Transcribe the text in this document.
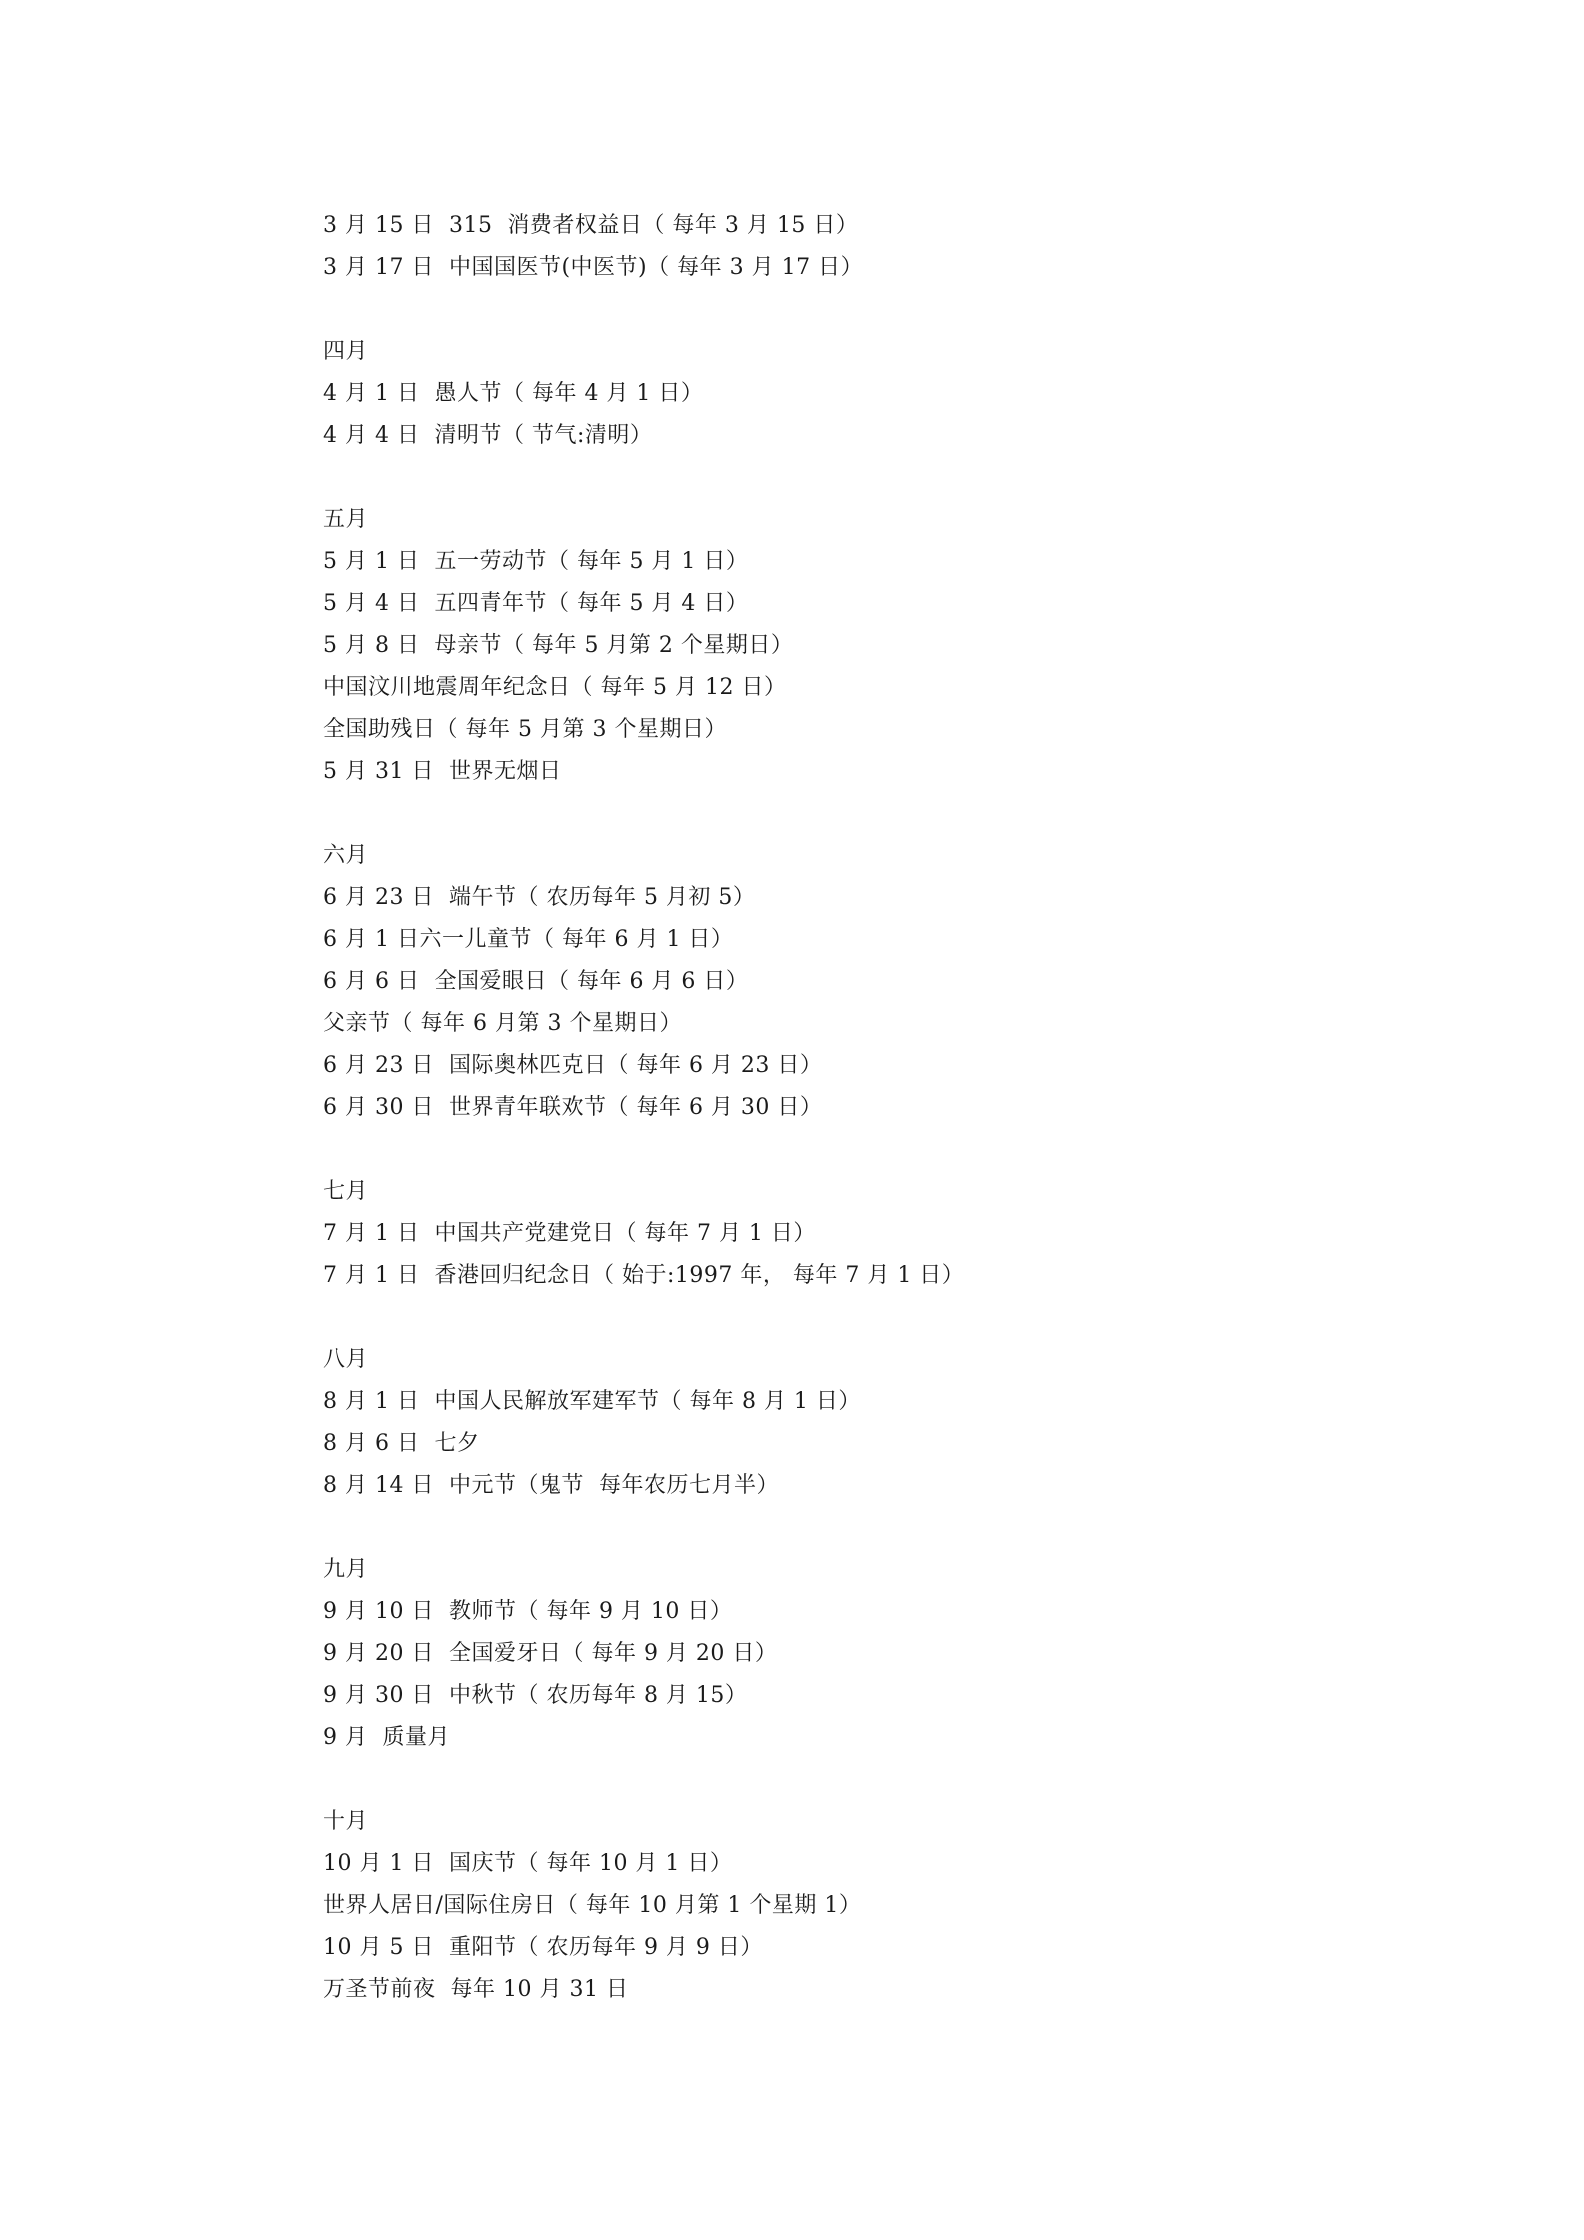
3 月 15 日  315  消费者权益日（ 每年 3 月 15 日）
3 月 17 日  中国国医节(中医节)（ 每年 3 月 17 日）
四月
4 月 1 日  愚人节（ 每年 4 月 1 日）
4 月 4 日  清明节（ 节气:清明）
五月
5 月 1 日  五一劳动节（ 每年 5 月 1 日）
5 月 4 日  五四青年节（ 每年 5 月 4 日）
5 月 8 日  母亲节（ 每年 5 月第 2 个星期日）
中国汶川地震周年纪念日（ 每年 5 月 12 日）
全国助残日（ 每年 5 月第 3 个星期日）
5 月 31 日  世界无烟日
六月
6 月 23 日  端午节（ 农历每年 5 月初 5）
6 月 1 日六一儿童节（ 每年 6 月 1 日）
6 月 6 日  全国爱眼日（ 每年 6 月 6 日）
父亲节（ 每年 6 月第 3 个星期日）
6 月 23 日  国际奥林匹克日（ 每年 6 月 23 日）
6 月 30 日  世界青年联欢节（ 每年 6 月 30 日）
七月
7 月 1 日  中国共产党建党日（ 每年 7 月 1 日）
7 月 1 日  香港回归纪念日（ 始于:1997 年， 每年 7 月 1 日）
八月
8 月 1 日  中国人民解放军建军节（ 每年 8 月 1 日）
8 月 6 日  七夕
8 月 14 日  中元节（鬼节  每年农历七月半）
九月
9 月 10 日  教师节（ 每年 9 月 10 日）
9 月 20 日  全国爱牙日（ 每年 9 月 20 日）
9 月 30 日  中秋节（ 农历每年 8 月 15）
9 月  质量月
十月
10 月 1 日  国庆节（ 每年 10 月 1 日）
世界人居日/国际住房日（ 每年 10 月第 1 个星期 1）
10 月 5 日  重阳节（ 农历每年 9 月 9 日）
万圣节前夜  每年 10 月 31 日
